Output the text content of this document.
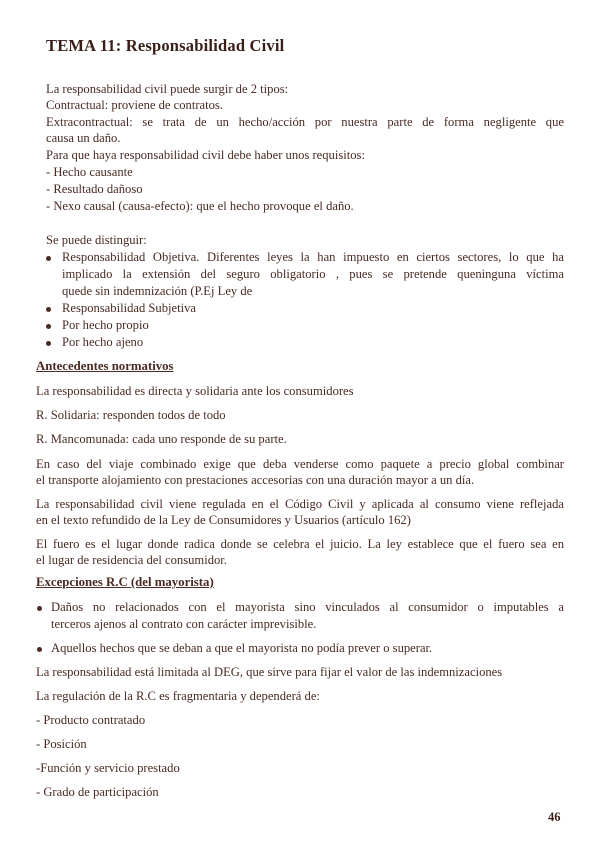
TEMA 11: Responsabilidad Civil
La responsabilidad civil puede surgir de 2 tipos:
Contractual: proviene de contratos.
Extracontractual: se trata de un hecho/acción por nuestra parte de forma negligente que
causa un daño.
Para que haya responsabilidad civil debe haber unos requisitos:
- Hecho causante
- Resultado dañoso
- Nexo causal (causa-efecto): que el hecho provoque el daño.
Se puede distinguir:
Responsabilidad Objetiva. Diferentes leyes la han impuesto en ciertos sectores, lo que ha
implicado la extensión del seguro obligatorio , pues se pretende queninguna víctima
quede sin indemnización (P.Ej Ley de
Responsabilidad Subjetiva
Por hecho propio
Por hecho ajeno
Antecedentes normativos
La responsabilidad es directa y solidaria ante los consumidores
R. Solidaria: responden todos de todo
R. Mancomunada: cada uno responde de su parte.
En caso del viaje combinado exige que deba venderse como paquete a precio global combinar
el transporte alojamiento con prestaciones accesorias con una duración mayor a un día.
La responsabilidad civil viene regulada en el Código Civil y aplicada al consumo viene reflejada
en el texto refundido de la Ley de Consumidores y Usuarios (artículo 162)
El fuero es el lugar donde radica donde se celebra el juicio. La ley establece que el fuero sea en
el lugar de residencia del consumidor.
Excepciones R.C (del mayorista)
Daños no relacionados con el mayorista sino vinculados al consumidor o imputables a
terceros ajenos al contrato con carácter imprevisible.
Aquellos hechos que se deban a que el mayorista no podía prever o superar.
La responsabilidad está limitada al DEG, que sirve para fijar el valor de las indemnizaciones
La regulación de la R.C es fragmentaria y dependerá de:
- Producto contratado
- Posición
-Función y servicio prestado
- Grado de participación
46
